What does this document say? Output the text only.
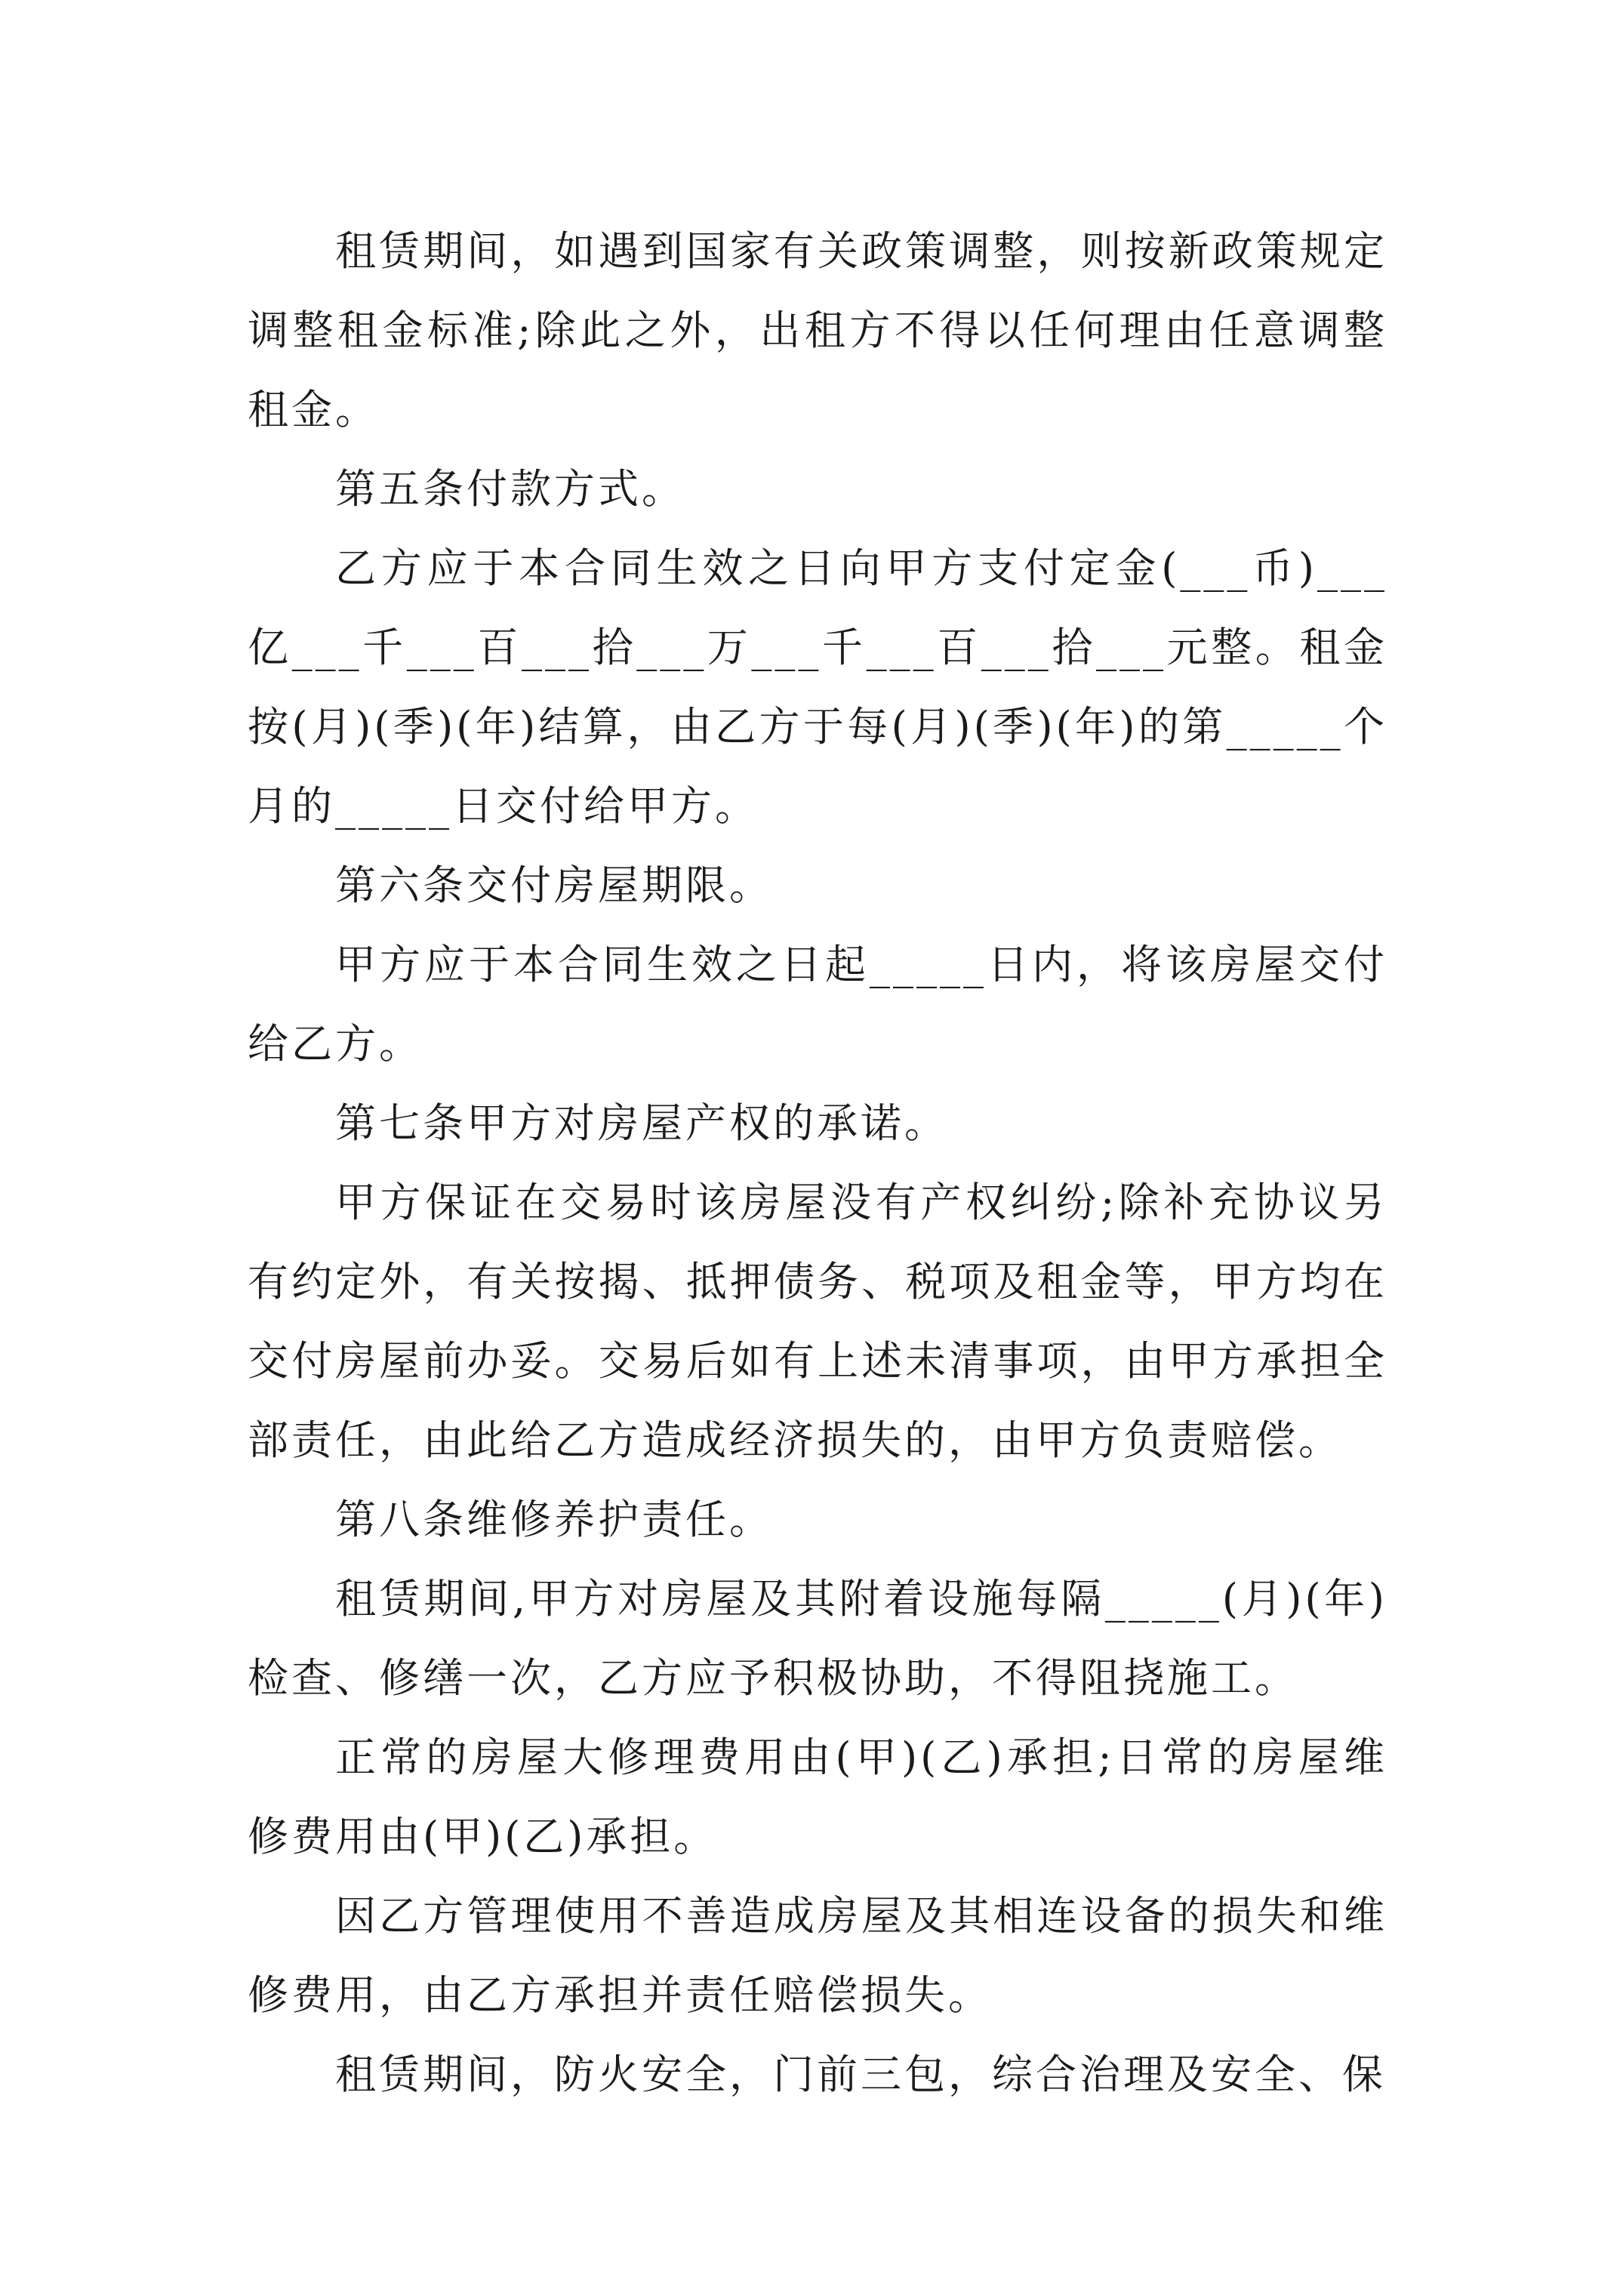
租赁期间，如遇到国家有关政策调整，则按新政策规定调整租金标准;除此之外，出租方不得以任何理由任意调整租金。

第五条付款方式。

乙方应于本合同生效之日向甲方支付定金(___币)___亿___千___百___拾___万___千___百___拾___元整。租金按(月)(季)(年)结算，由乙方于每(月)(季)(年)的第_____个月的_____日交付给甲方。

第六条交付房屋期限。

甲方应于本合同生效之日起_____日内，将该房屋交付给乙方。

第七条甲方对房屋产权的承诺。

甲方保证在交易时该房屋没有产权纠纷;除补充协议另有约定外，有关按揭、抵押债务、税项及租金等，甲方均在交付房屋前办妥。交易后如有上述未清事项，由甲方承担全部责任，由此给乙方造成经济损失的，由甲方负责赔偿。

第八条维修养护责任。

租赁期间,甲方对房屋及其附着设施每隔_____(月)(年)检查、修缮一次，乙方应予积极协助，不得阻挠施工。

正常的房屋大修理费用由(甲)(乙)承担;日常的房屋维修费用由(甲)(乙)承担。

因乙方管理使用不善造成房屋及其相连设备的损失和维修费用，由乙方承担并责任赔偿损失。

租赁期间，防火安全，门前三包，综合治理及安全、保
